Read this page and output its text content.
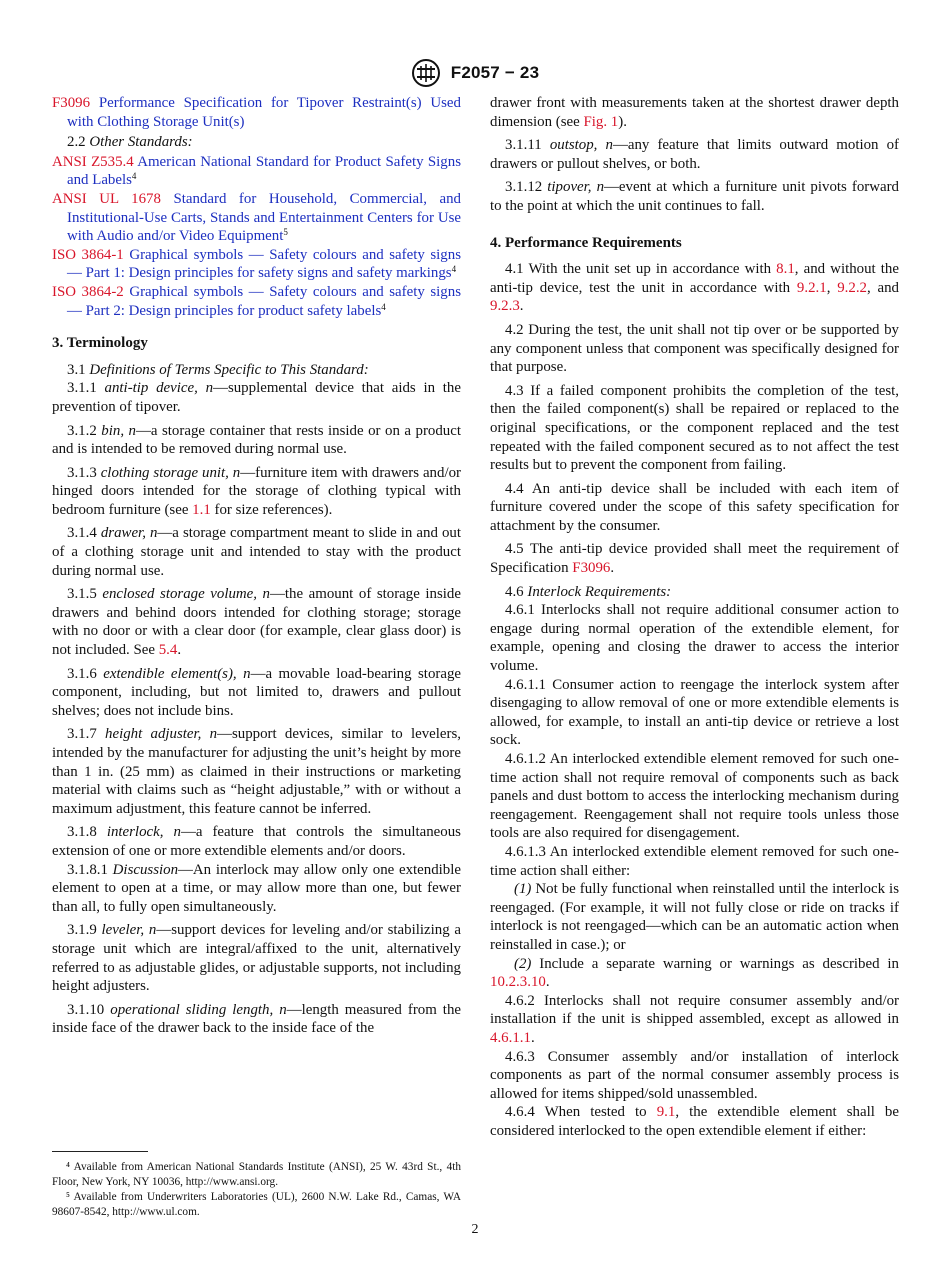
F2057 − 23

F3096 Performance Specification for Tipover Restraint(s) Used with Clothing Storage Unit(s)

2.2 Other Standards:

ANSI Z535.4 American National Standard for Product Safety Signs and Labels$^4$

ANSI UL 1678 Standard for Household, Commercial, and Institutional-Use Carts, Stands and Entertainment Centers for Use with Audio and/or Video Equipment$^5$

ISO 3864-1 Graphical symbols — Safety colours and safety signs — Part 1: Design principles for safety signs and safety markings$^4$

ISO 3864-2 Graphical symbols — Safety colours and safety signs — Part 2: Design principles for product safety labels$^4$

3. Terminology

3.1 Definitions of Terms Specific to This Standard:

3.1.1 anti-tip device, n—supplemental device that aids in the prevention of tipover.

3.1.2 bin, n—a storage container that rests inside or on a product and is intended to be removed during normal use.

3.1.3 clothing storage unit, n—furniture item with drawers and/or hinged doors intended for the storage of clothing typical with bedroom furniture (see 1.1 for size references).

3.1.4 drawer, n—a storage compartment meant to slide in and out of a clothing storage unit and intended to stay with the product during normal use.

3.1.5 enclosed storage volume, n—the amount of storage inside drawers and behind doors intended for clothing storage; storage with no door or with a clear door (for example, clear glass door) is not included. See 5.4.

3.1.6 extendible element(s), n—a movable load-bearing storage component, including, but not limited to, drawers and pullout shelves; does not include bins.

3.1.7 height adjuster, n—support devices, similar to levelers, intended by the manufacturer for adjusting the unit’s height by more than 1 in. (25 mm) as claimed in their instructions or marketing material with claims such as “height adjustable,” with or without a maximum adjustment, this feature cannot be inferred.

3.1.8 interlock, n—a feature that controls the simultaneous extension of one or more extendible elements and/or doors.

3.1.8.1 Discussion—An interlock may allow only one extendible element to open at a time, or may allow more than one, but fewer than all, to fully open simultaneously.

3.1.9 leveler, n—support devices for leveling and/or stabilizing a storage unit which are integral/affixed to the unit, alternatively referred to as adjustable glides, or adjustable supports, not including height adjusters.

3.1.10 operational sliding length, n—length measured from the inside face of the drawer back to the inside face of the

⁴ Available from American National Standards Institute (ANSI), 25 W. 43rd St., 4th Floor, New York, NY 10036, http://www.ansi.org.
⁵ Available from Underwriters Laboratories (UL), 2600 N.W. Lake Rd., Camas, WA 98607-8542, http://www.ul.com.

drawer front with measurements taken at the shortest drawer depth dimension (see Fig. 1).

3.1.11 outstop, n—any feature that limits outward motion of drawers or pullout shelves, or both.

3.1.12 tipover, n—event at which a furniture unit pivots forward to the point at which the unit continues to fall.

4. Performance Requirements

4.1 With the unit set up in accordance with 8.1, and without the anti-tip device, test the unit in accordance with 9.2.1, 9.2.2, and 9.2.3.

4.2 During the test, the unit shall not tip over or be supported by any component unless that component was specifically designed for that purpose.

4.3 If a failed component prohibits the completion of the test, then the failed component(s) shall be repaired or replaced to the original specifications, or the component replaced and the test repeated with the failed component secured as to not affect the test results but to prevent the component from failing.

4.4 An anti-tip device shall be included with each item of furniture covered under the scope of this safety specification for attachment by the consumer.

4.5 The anti-tip device provided shall meet the requirement of Specification F3096.

4.6 Interlock Requirements:

4.6.1 Interlocks shall not require additional consumer action to engage during normal operation of the extendible element, for example, opening and closing the drawer to access the interior volume.

4.6.1.1 Consumer action to reengage the interlock system after disengaging to allow removal of one or more extendible elements is allowed, for example, to install an anti-tip device or retrieve a lost sock.

4.6.1.2 An interlocked extendible element removed for such one-time action shall not require removal of components such as back panels and dust bottom to access the interlocking mechanism during reengagement. Reengagement shall not require tools unless those tools are also required for disengagement.

4.6.1.3 An interlocked extendible element removed for such one-time action shall either:

(1) Not be fully functional when reinstalled until the interlock is reengaged. (For example, it will not fully close or ride on tracks if interlock is not reengaged—which can be an automatic action when reinstalled in case.); or

(2) Include a separate warning or warnings as described in 10.2.3.10.

4.6.2 Interlocks shall not require consumer assembly and/or installation if the unit is shipped assembled, except as allowed in 4.6.1.1.

4.6.3 Consumer assembly and/or installation of interlock components as part of the normal consumer assembly process is allowed for items shipped/sold unassembled.

4.6.4 When tested to 9.1, the extendible element shall be considered interlocked to the open extendible element if either:

2
